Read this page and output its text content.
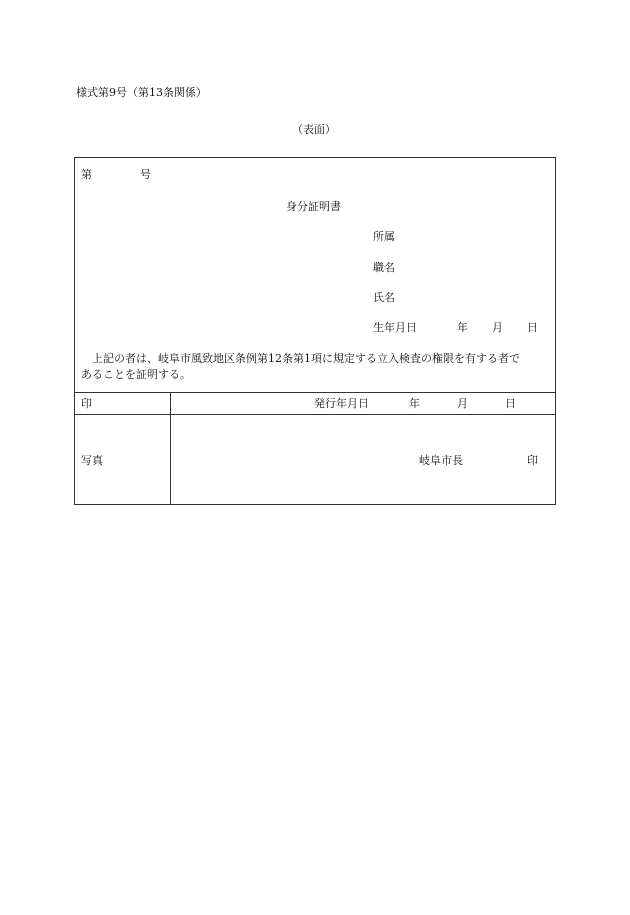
様式第9号（第13条関係）
（表面）
第	号
身分証明書
所属
職名
氏名
生年月日	年 月 日
上記の者は、岐阜市風致地区条例第12条第1項に規定する立入検査の権限を有する者で
あることを証明する。
印	発行年月日	年	月	日
写真	岐阜市長	印
